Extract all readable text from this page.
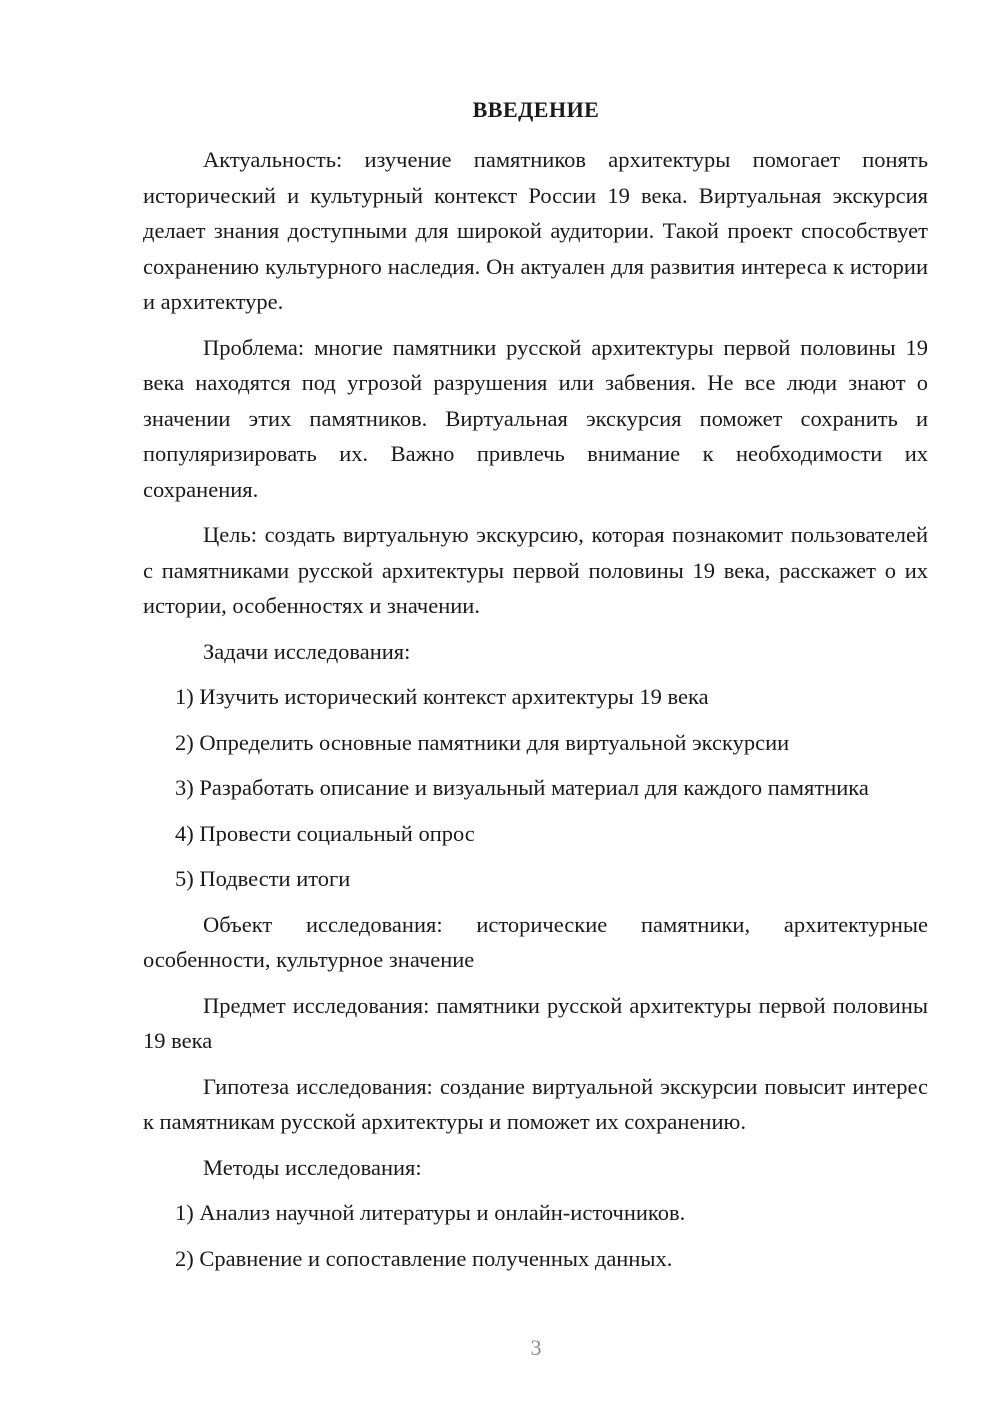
ВВЕДЕНИЕ

Актуальность: изучение памятников архитектуры помогает понять исторический и культурный контекст России 19 века. Виртуальная экскурсия делает знания доступными для широкой аудитории. Такой проект способствует сохранению культурного наследия. Он актуален для развития интереса к истории и архитектуре.

Проблема: многие памятники русской архитектуры первой половины 19 века находятся под угрозой разрушения или забвения. Не все люди знают о значении этих памятников. Виртуальная экскурсия поможет сохранить и популяризировать их. Важно привлечь внимание к необходимости их сохранения.

Цель: создать виртуальную экскурсию, которая познакомит пользователей с памятниками русской архитектуры первой половины 19 века, расскажет о их истории, особенностях и значении.

Задачи исследования:

1) Изучить исторический контекст архитектуры 19 века

2) Определить основные памятники для виртуальной экскурсии

3) Разработать описание и визуальный материал для каждого памятника

4) Провести социальный опрос

5) Подвести итоги

Объект исследования: исторические памятники, архитектурные особенности, культурное значение

Предмет исследования: памятники русской архитектуры первой половины 19 века

Гипотеза исследования: создание виртуальной экскурсии повысит интерес к памятникам русской архитектуры и поможет их сохранению.

Методы исследования:

1) Анализ научной литературы и онлайн-источников.

2) Сравнение и сопоставление полученных данных.

3
